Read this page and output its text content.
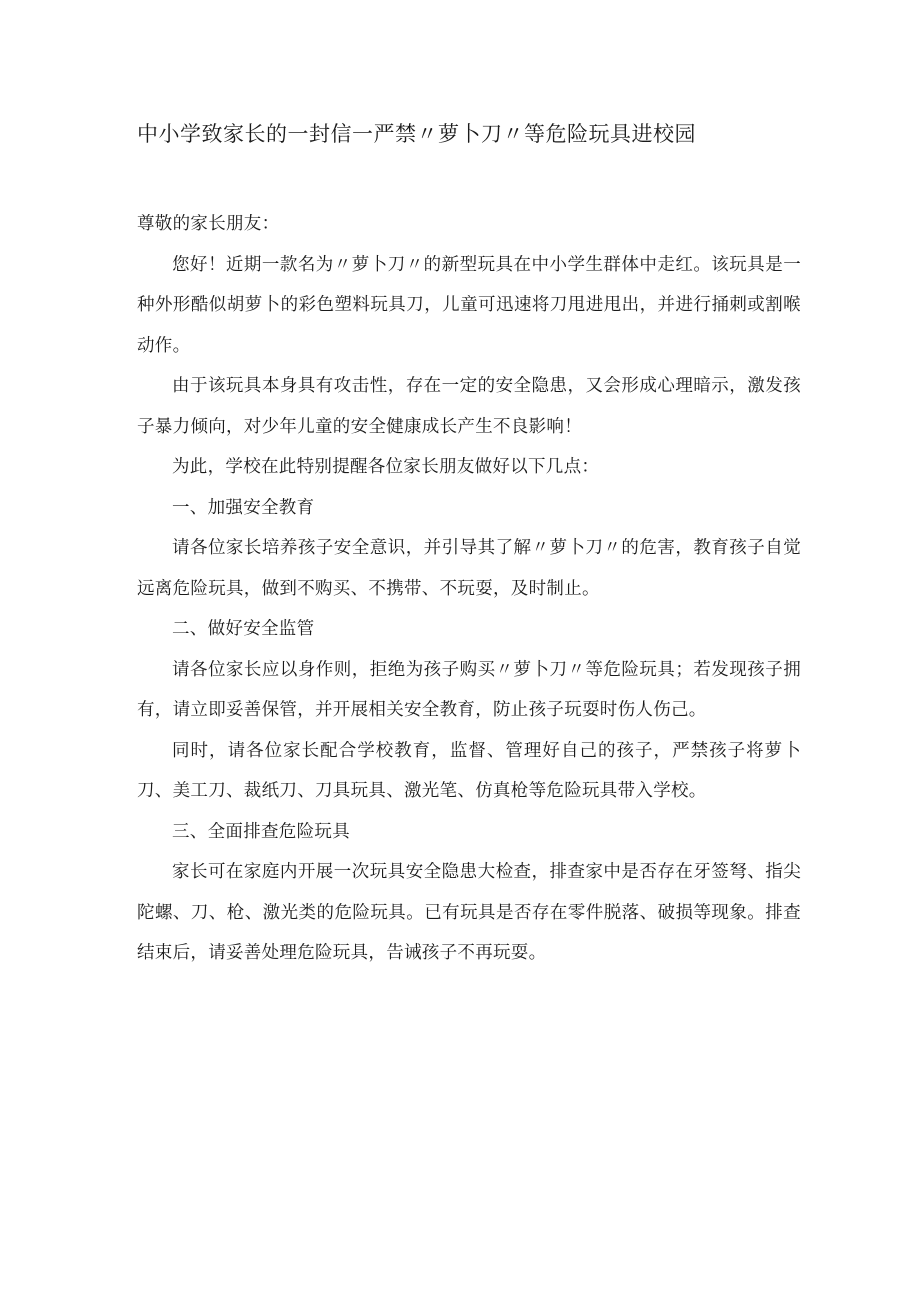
中小学致家长的一封信一严禁〃萝卜刀〃等危险玩具进校园

尊敬的家长朋友：

您好！近期一款名为〃萝卜刀〃的新型玩具在中小学生群体中走红。该玩具是一种外形酷似胡萝卜的彩色塑料玩具刀，儿童可迅速将刀甩进甩出，并进行捅刺或割喉动作。

由于该玩具本身具有攻击性，存在一定的安全隐患，又会形成心理暗示，激发孩子暴力倾向，对少年儿童的安全健康成长产生不良影响！

为此，学校在此特别提醒各位家长朋友做好以下几点：

一、加强安全教育

请各位家长培养孩子安全意识，并引导其了解〃萝卜刀〃的危害，教育孩子自觉远离危险玩具，做到不购买、不携带、不玩耍，及时制止。

二、做好安全监管

请各位家长应以身作则，拒绝为孩子购买〃萝卜刀〃等危险玩具；若发现孩子拥有，请立即妥善保管，并开展相关安全教育，防止孩子玩耍时伤人伤己。

同时，请各位家长配合学校教育，监督、管理好自己的孩子，严禁孩子将萝卜刀、美工刀、裁纸刀、刀具玩具、激光笔、仿真枪等危险玩具带入学校。

三、全面排查危险玩具

家长可在家庭内开展一次玩具安全隐患大检查，排查家中是否存在牙签弩、指尖陀螺、刀、枪、激光类的危险玩具。已有玩具是否存在零件脱落、破损等现象。排查结束后，请妥善处理危险玩具，告诫孩子不再玩耍。
